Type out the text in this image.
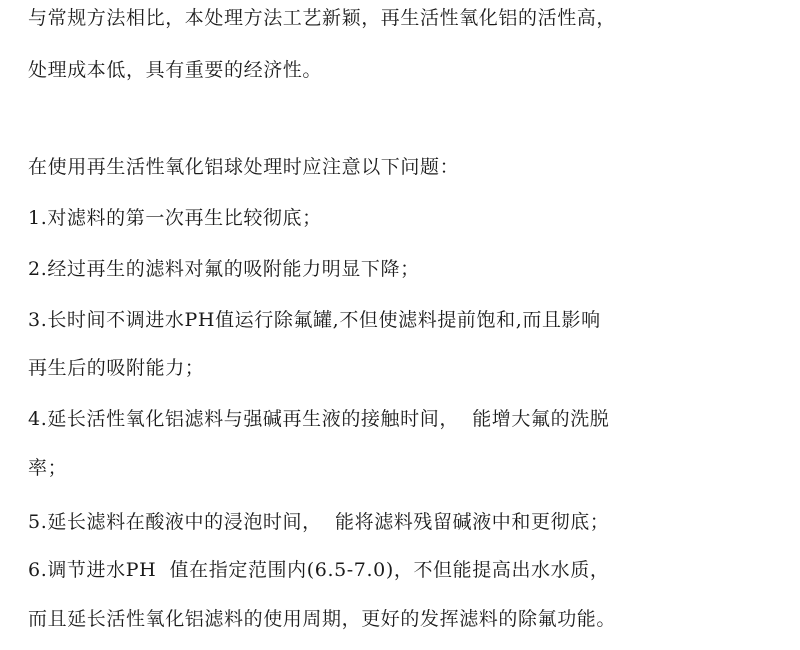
与常规方法相比，本处理方法工艺新颖，再生活性氧化铝的活性高，

处理成本低，具有重要的经济性。

在使用再生活性氧化铝球处理时应注意以下问题：

1.对滤料的第一次再生比较彻底；

2.经过再生的滤料对氟的吸附能力明显下降；

3.长时间不调进水PH值运行除氟罐,不但使滤料提前饱和,而且影响

再生后的吸附能力；

4.延长活性氧化铝滤料与强碱再生液的接触时间，  能增大氟的洗脱

率；

5.延长滤料在酸液中的浸泡时间，  能将滤料残留碱液中和更彻底；

6.调节进水PH  值在指定范围内(6.5-7.0)，不但能提高出水水质，

而且延长活性氧化铝滤料的使用周期，更好的发挥滤料的除氟功能。
